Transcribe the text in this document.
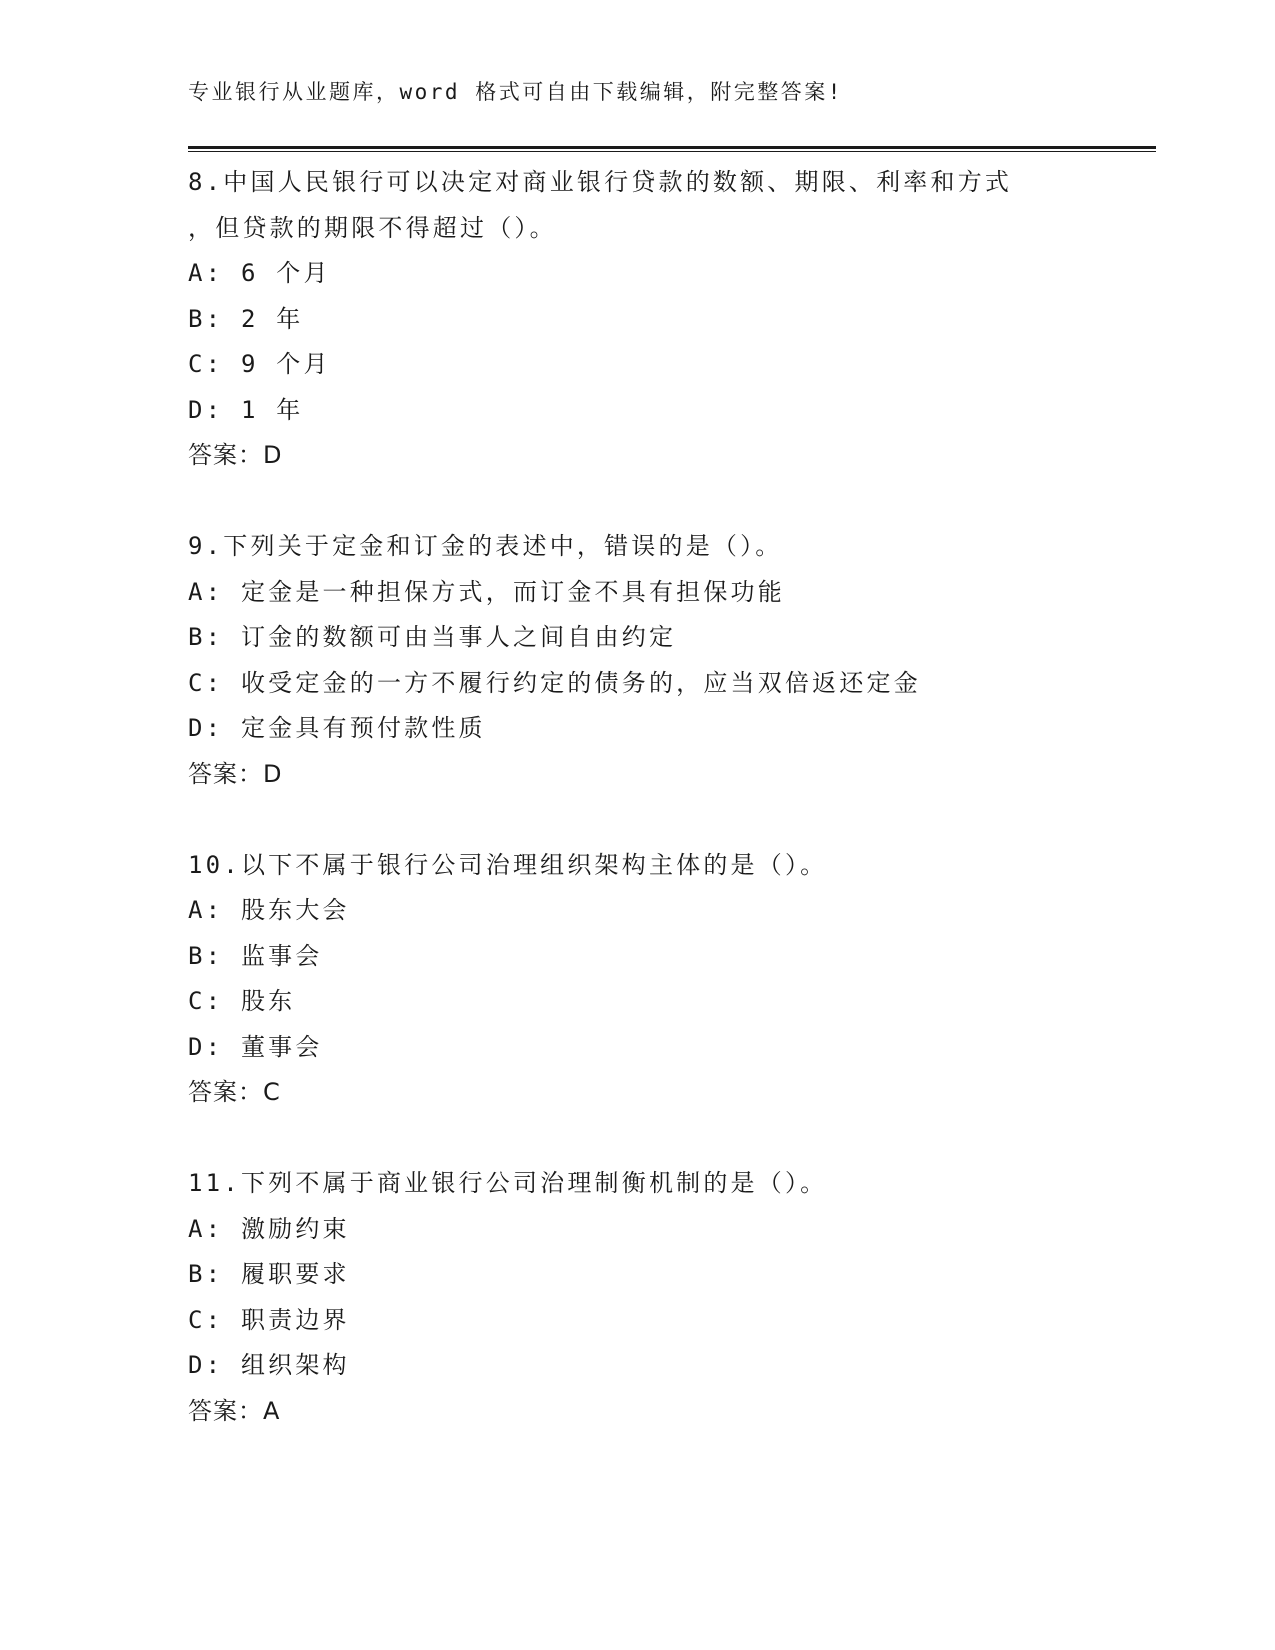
专业银行从业题库，word 格式可自由下载编辑，附完整答案!
8.中国人民银行可以决定对商业银行贷款的数额、期限、利率和方式
，但贷款的期限不得超过（）。
A: 6 个月
B: 2 年
C: 9 个月
D: 1 年
答案：D
9.下列关于定金和订金的表述中，错误的是（）。
A: 定金是一种担保方式，而订金不具有担保功能
B: 订金的数额可由当事人之间自由约定
C: 收受定金的一方不履行约定的债务的，应当双倍返还定金
D: 定金具有预付款性质
答案：D
10.以下不属于银行公司治理组织架构主体的是（）。
A: 股东大会
B: 监事会
C: 股东
D: 董事会
答案：C
11.下列不属于商业银行公司治理制衡机制的是（）。
A: 激励约束
B: 履职要求
C: 职责边界
D: 组织架构
答案：A
